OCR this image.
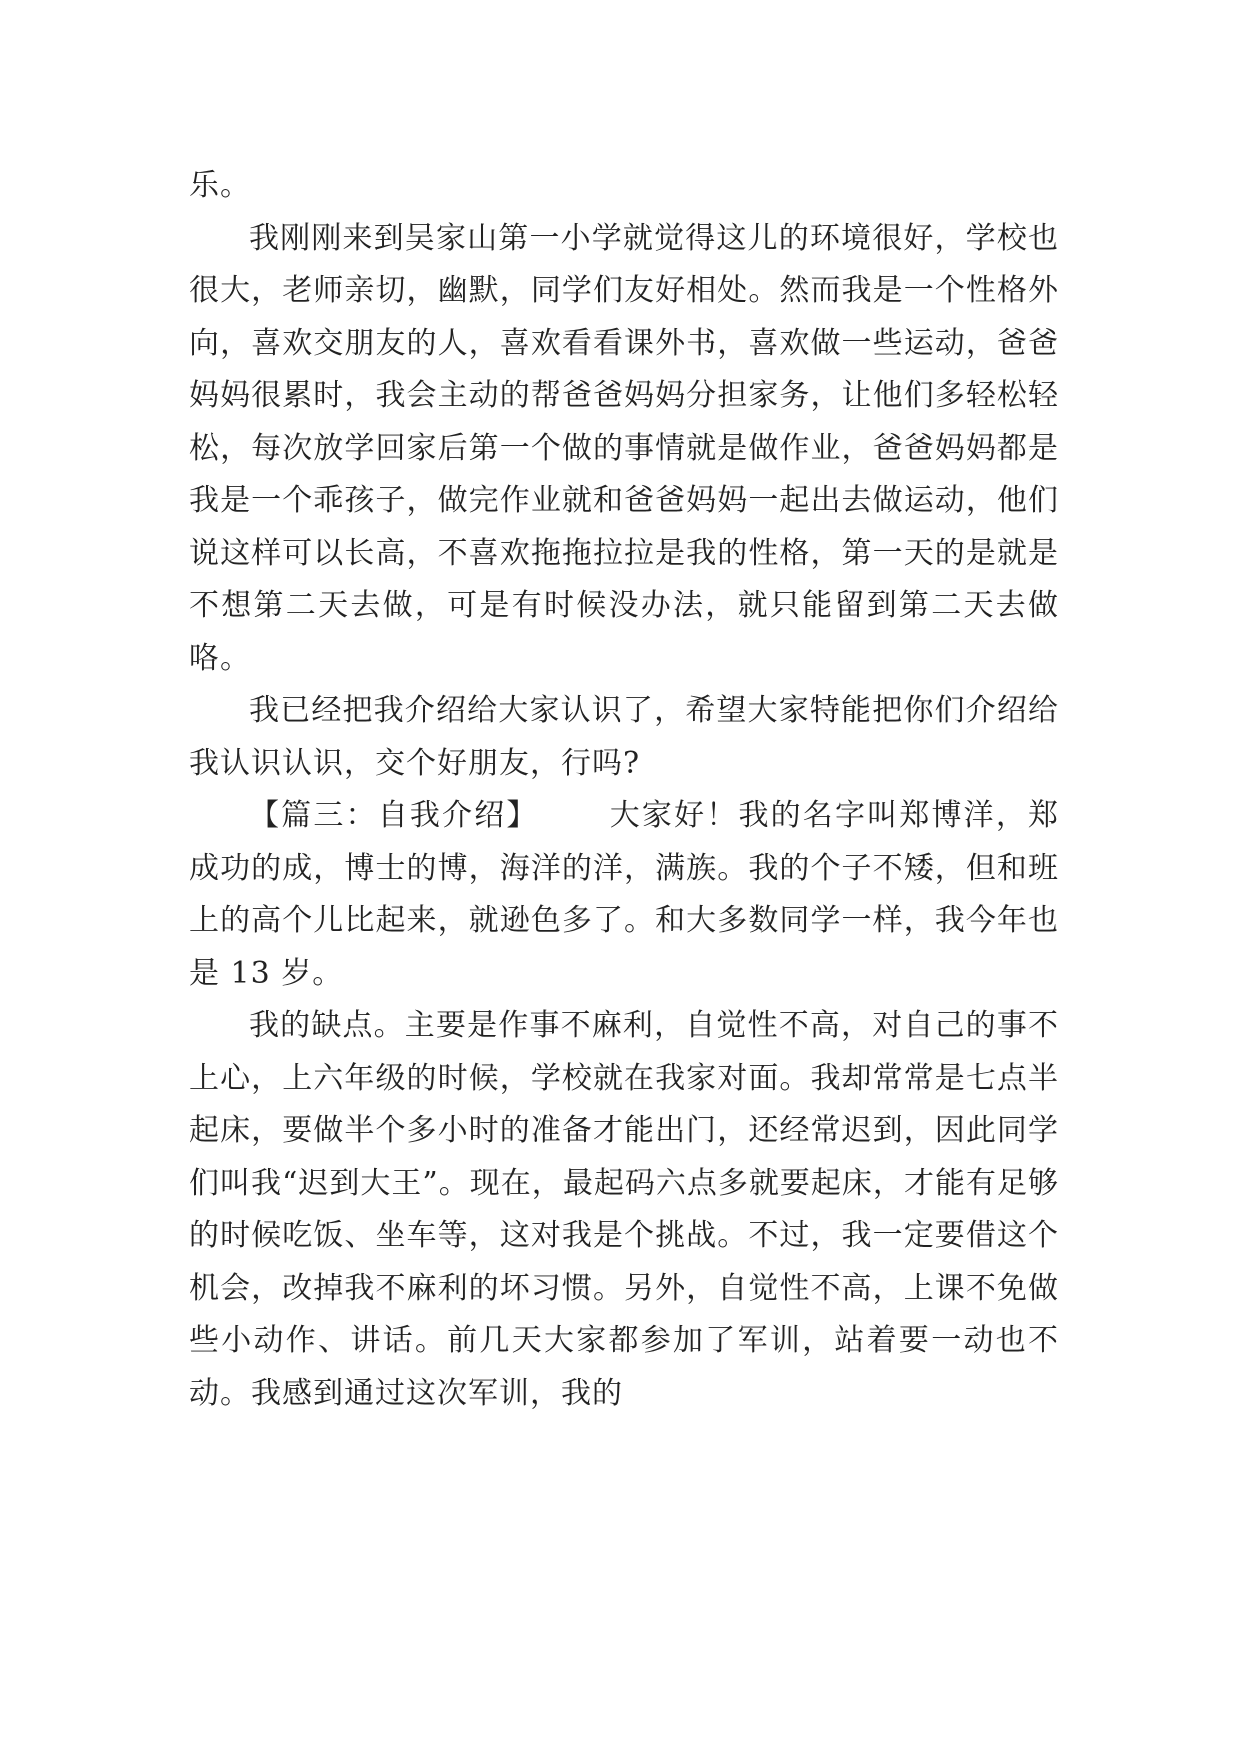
乐。

我刚刚来到吴家山第一小学就觉得这儿的环境很好，学校也很大，老师亲切，幽默，同学们友好相处。然而我是一个性格外向，喜欢交朋友的人，喜欢看看课外书，喜欢做一些运动，爸爸妈妈很累时，我会主动的帮爸爸妈妈分担家务，让他们多轻松轻松，每次放学回家后第一个做的事情就是做作业，爸爸妈妈都是我是一个乖孩子，做完作业就和爸爸妈妈一起出去做运动，他们说这样可以长高，不喜欢拖拖拉拉是我的性格，第一天的是就是不想第二天去做，可是有时候没办法，就只能留到第二天去做咯。

我已经把我介绍给大家认识了，希望大家特能把你们介绍给我认识认识，交个好朋友，行吗?

【篇三：自我介绍】 大家好！我的名字叫郑博洋，郑成功的成，博士的博，海洋的洋，满族。我的个子不矮，但和班上的高个儿比起来，就逊色多了。和大多数同学一样，我今年也是 13 岁。

我的缺点。主要是作事不麻利，自觉性不高，对自己的事不上心，上六年级的时候，学校就在我家对面。我却常常是七点半起床，要做半个多小时的准备才能出门，还经常迟到，因此同学们叫我“迟到大王”。现在，最起码六点多就要起床，才能有足够的时候吃饭、坐车等，这对我是个挑战。不过，我一定要借这个机会，改掉我不麻利的坏习惯。另外，自觉性不高，上课不免做些小动作、讲话。前几天大家都参加了军训，站着要一动也不动。我感到通过这次军训，我的
